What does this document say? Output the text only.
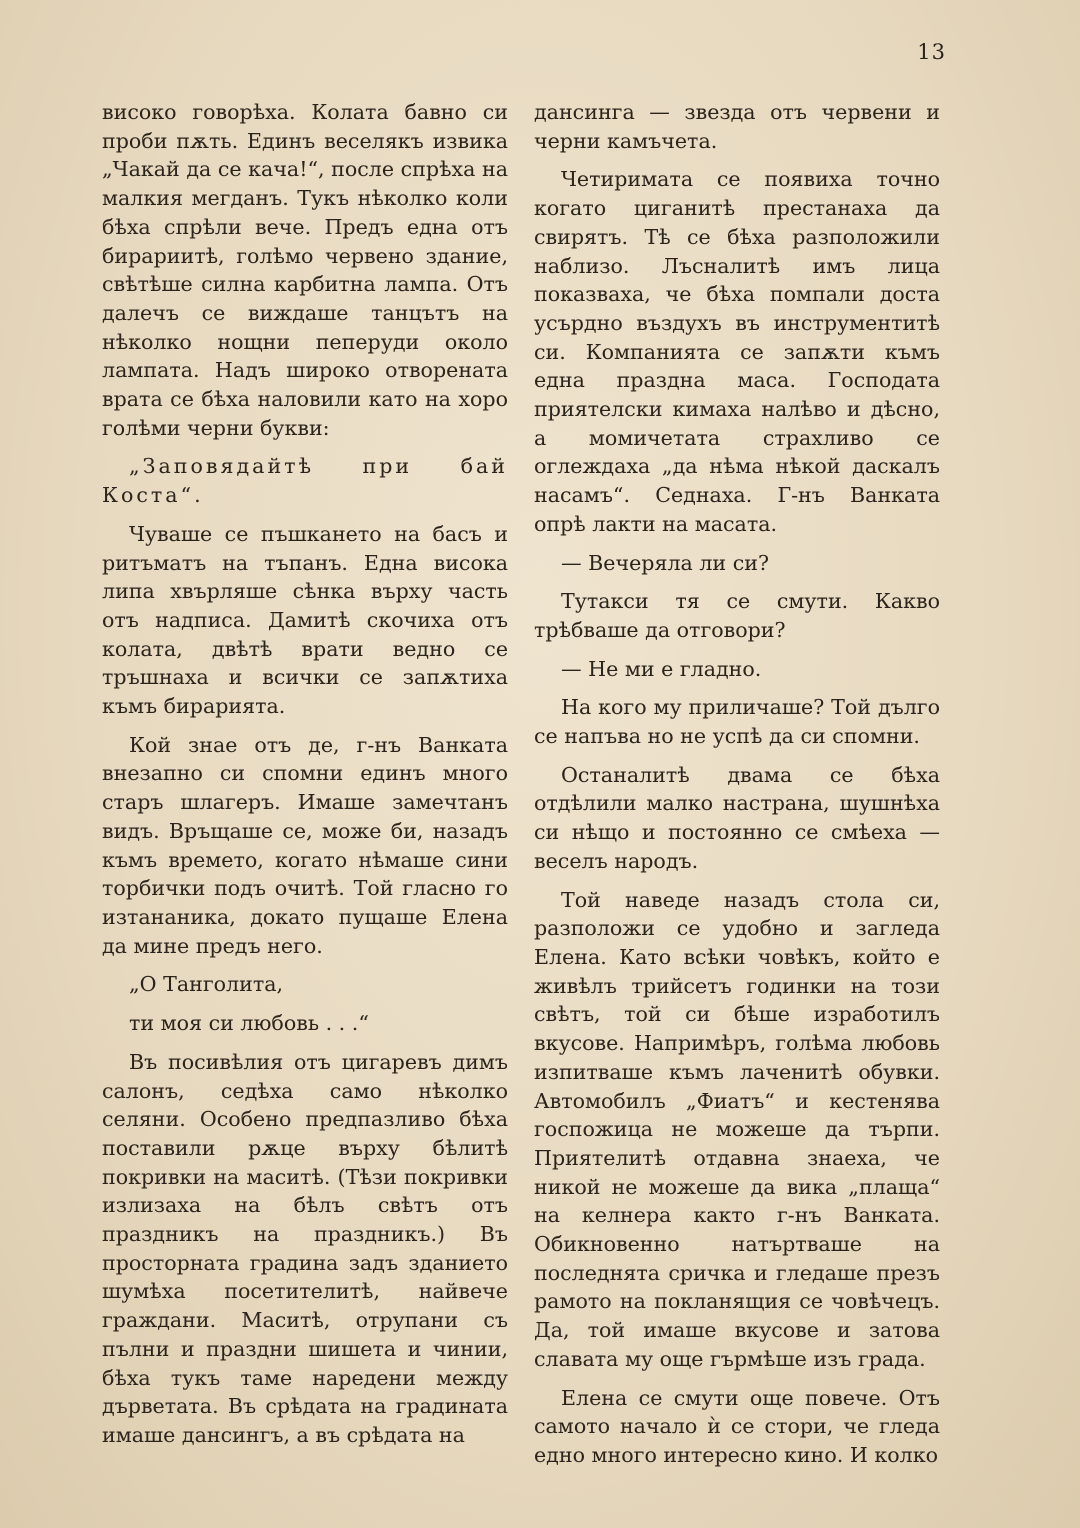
13

високо говорѣха. Колата бавно си проби пѫть. Единъ веселякъ извика „Чакай да се кача!“, после спрѣха на малкия мегданъ. Тукъ нѣколко коли бѣха спрѣли вече. Предъ една отъ бирариитѣ, голѣмо червено здание, свѣтѣше силна карбитна лампа. Отъ далечъ се виждаше танцътъ на нѣколко нощни пеперуди около лампата. Надъ широко отворената врата се бѣха наловили като на хоро голѣми черни букви:

„Заповядайтѣ при бай Коста“.

Чуваше се пъшкането на басъ и ритъматъ на тъпанъ. Една висока липа хвърляше сѣнка върху часть отъ надписа. Дамитѣ скочиха отъ колата, двѣтѣ врати ведно се тръшнаха и всички се запѫтиха къмъ бирарията.

Кой знае отъ де, г-нъ Ванката внезапно си спомни единъ много старъ шлагеръ. Имаше замечтанъ видъ. Връщаше се, може би, назадъ къмъ времето, когато нѣмаше сини торбички подъ очитѣ. Той гласно го изтананика, докато пущаше Елена да мине предъ него.

„О Танголита,

ти моя си любовь . . .“

Въ посивѣлия отъ цигаревъ димъ салонъ, седѣха само нѣколко селяни. Особено предпазливо бѣха поставили рѫце върху бѣлитѣ покривки на маситѣ. (Тѣзи покривки излизаха на бѣлъ свѣтъ отъ праздникъ на праздникъ.) Въ просторната градина задъ зданието шумѣха посетителитѣ, найвече граждани. Маситѣ, отрупани съ пълни и праздни шишета и чинии, бѣха тукъ таме наредени между дърветата. Въ срѣдата на градината имаше дансингъ, а въ срѣдата на

дансинга — звезда отъ червени и черни камъчета.

Четиримата се появиха точно когато циганитѣ престанаха да свирятъ. Тѣ се бѣха разположили наблизо. Лъсналитѣ имъ лица показваха, че бѣха помпали доста усърдно въздухъ въ инструментитѣ си. Компанията се запѫти къмъ една праздна маса. Господата приятелски кимаха налѣво и дѣсно, а момичетата страхливо се оглеждаха „да нѣма нѣкой даскалъ насамъ“. Седнаха. Г-нъ Ванката опрѣ лакти на масата.

— Вечеряла ли си?

Тутакси тя се смути. Какво трѣбваше да отговори?

— Не ми е гладно.

На кого му приличаше? Той дълго се напъва но не успѣ да си спомни.

Останалитѣ двама се бѣха отдѣлили малко настрана, шушнѣха си нѣщо и постоянно се смѣеха — веселъ народъ.

Той наведе назадъ стола си, разположи се удобно и загледа Елена. Като всѣки човѣкъ, който е живѣлъ трийсетъ годинки на този свѣтъ, той си бѣше изработилъ вкусове. Напримѣръ, голѣма любовь изпитваше къмъ лаченитѣ обувки. Автомобилъ „Фиатъ“ и кестенява госпожица не можеше да търпи. Приятелитѣ отдавна знаеха, че никой не можеше да вика „плаща“ на келнера както г-нъ Ванката. Обикновенно натъртваше на последнята сричка и гледаше презъ рамото на покланящия се човѣчецъ. Да, той имаше вкусове и затова славата му още гърмѣше изъ града.

Елена се смути още повече. Отъ самото начало ѝ се стори, че гледа едно много интересно кино. И колко
